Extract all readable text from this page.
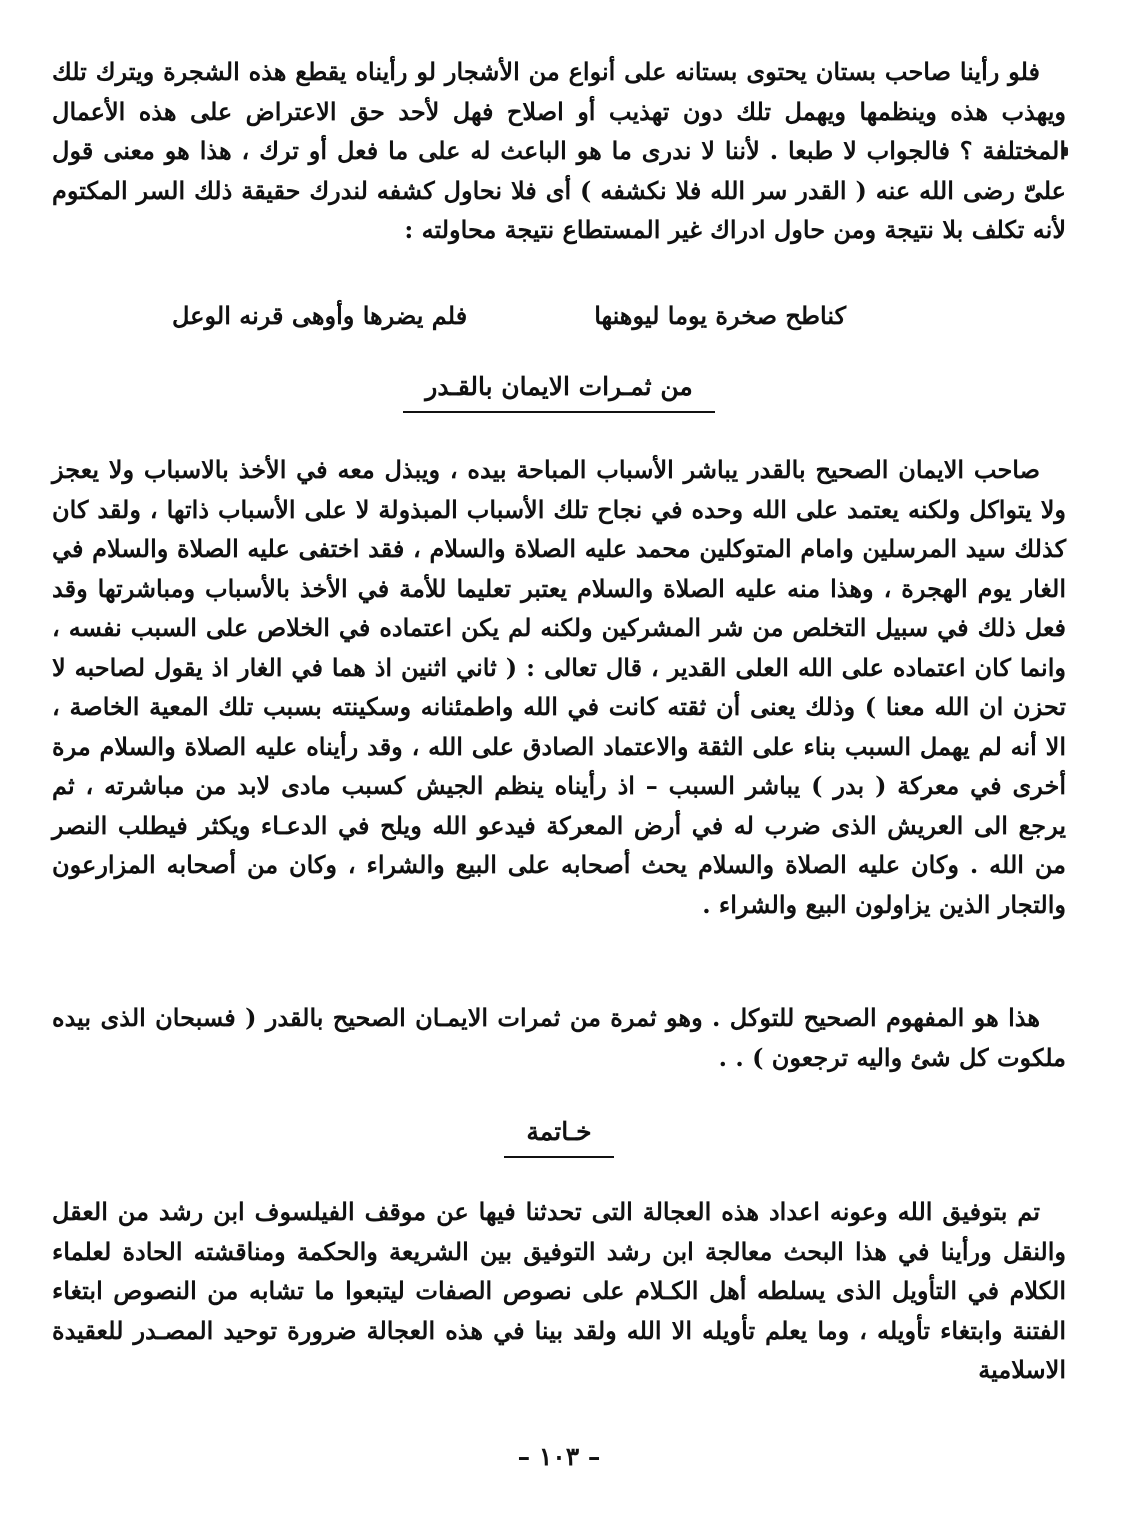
فلو رأينا صاحب بستان يحتوى بستانه على أنواع من الأشجار لو رأيناه يقطع هذه الشجرة ويترك تلك ويهذب هذه وينظمها ويهمل تلك دون تهذيب أو اصلاح فهل لأحد حق الاعتراض على هذه الأعمال المختلفة ؟ فالجواب لا طبعا . لأننا لا ندرى ما هو الباعث له على ما فعل أو ترك ، هذا هو معنى قول علىّ رضى الله عنه ( القدر سر الله فلا نكشفه ) أى فلا نحاول كشفه لندرك حقيقة ذلك السر المكتوم لأنه تكلف بلا نتيجة ومن حاول ادراك غير المستطاع نتيجة محاولته :

كناطح صخرة يوما ليوهنها
فلم يضرها وأوهى قرنه الوعل
من ثمـرات الايمان بالقـدر

صاحب الايمان الصحيح بالقدر يباشر الأسباب المباحة بيده ، ويبذل معه في الأخذ بالاسباب ولا يعجز ولا يتواكل ولكنه يعتمد على الله وحده في نجاح تلك الأسباب المبذولة لا على الأسباب ذاتها ، ولقد كان كذلك سيد المرسلين وامام المتوكلين محمد عليه الصلاة والسلام ، فقد اختفى عليه الصلاة والسلام في الغار يوم الهجرة ، وهذا منه عليه الصلاة والسلام يعتبر تعليما للأمة في الأخذ بالأسباب ومباشرتها وقد فعل ذلك في سبيل التخلص من شر المشركين ولكنه لم يكن اعتماده في الخلاص على السبب نفسه ، وانما كان اعتماده على الله العلى القدير ، قال تعالى : ( ثاني اثنين اذ هما في الغار اذ يقول لصاحبه لا تحزن ان الله معنا ) وذلك يعنى أن ثقته كانت في الله واطمئنانه وسكينته بسبب تلك المعية الخاصة ، الا أنه لم يهمل السبب بناء على الثقة والاعتماد الصادق على الله ، وقد رأيناه عليه الصلاة والسلام مرة أخرى في معركة ( بدر ) يباشر السبب – اذ رأيناه ينظم الجيش كسبب مادى لابد من مباشرته ، ثم يرجع الى العريش الذى ضرب له في أرض المعركة فيدعو الله ويلح في الدعـاء ويكثر فيطلب النصر من الله . وكان عليه الصلاة والسلام يحث أصحابه على البيع والشراء ، وكان من أصحابه المزارعون والتجار الذين يزاولون البيع والشراء .

هذا هو المفهوم الصحيح للتوكل . وهو ثمرة من ثمرات الايمـان الصحيح بالقدر ( فسبحان الذى بيده ملكوت كل شئ واليه ترجعون ) . .

خـاتمة

تم بتوفيق الله وعونه اعداد هذه العجالة التى تحدثنا فيها عن موقف الفيلسوف ابن رشد من العقل والنقل ورأينا في هذا البحث معالجة ابن رشد التوفيق بين الشريعة والحكمة ومناقشته الحادة لعلماء الكلام في التأويل الذى يسلطه أهل الكـلام على نصوص الصفات ليتبعوا ما تشابه من النصوص ابتغاء الفتنة وابتغاء تأويله ، وما يعلم تأويله الا الله ولقد بينا في هذه العجالة ضرورة توحيد المصـدر للعقيدة الاسلامية

– ١٠٣ –
